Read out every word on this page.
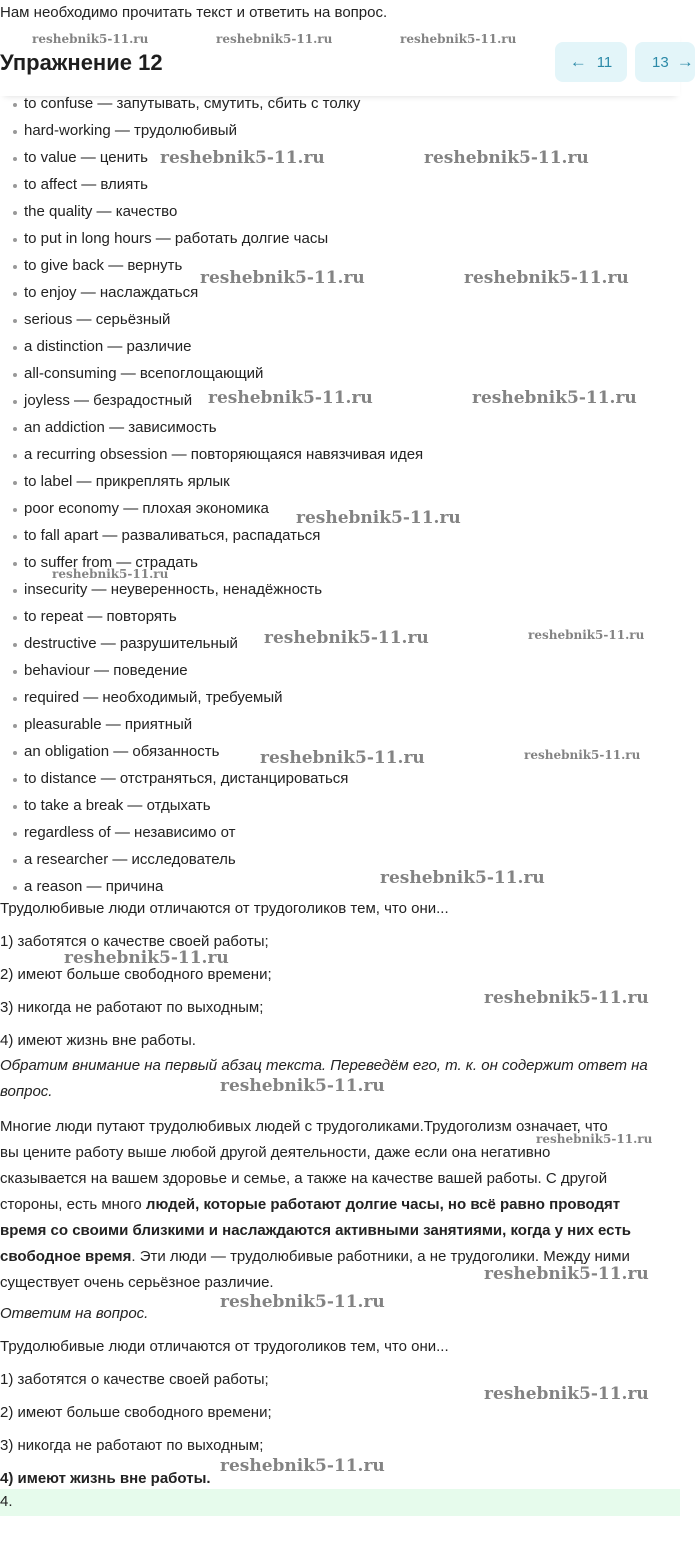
Нам необходимо прочитать текст и ответить на вопрос.
Упражнение 12	← 11	13 →
to confuse — запутывать, смутить, сбить с толку
hard-working — трудолюбивый
to value — ценить
to affect — влиять
the quality — качество
to put in long hours — работать долгие часы
to give back — вернуть
to enjoy — наслаждаться
serious — серьёзный
a distinction — различие
all-consuming — всепоглощающий
joyless — безрадостный
an addiction — зависимость
a recurring obsession — повторяющаяся навязчивая идея
to label — прикреплять ярлык
poor economy — плохая экономика
to fall apart — разваливаться, распадаться
to suffer from — страдать
insecurity — неуверенность, ненадёжность
to repeat — повторять
destructive — разрушительный
behaviour — поведение
required — необходимый, требуемый
pleasurable — приятный
an obligation — обязанность
to distance — отстраняться, дистанцироваться
to take a break — отдыхать
regardless of — независимо от
a researcher — исследователь
a reason — причина
Трудолюбивые люди отличаются от трудоголиков тем, что они...
1) заботятся о качестве своей работы;
2) имеют больше свободного времени;
3) никогда не работают по выходным;
4) имеют жизнь вне работы.
Обратим внимание на первый абзац текста. Переведём его, т. к. он содержит ответ на
вопрос.
Многие люди путают трудолюбивых людей с трудоголиками.Трудоголизм означает, что
вы цените работу выше любой другой деятельности, даже если она негативно
сказывается на вашем здоровье и семье, а также на качестве вашей работы. С другой
стороны, есть много людей, которые работают долгие часы, но всё равно проводят
время со своими близкими и наслаждаются активными занятиями, когда у них есть
свободное время. Эти люди — трудолюбивые работники, а не трудоголики. Между ними
существует очень серьёзное различие.
Ответим на вопрос.
Трудолюбивые люди отличаются от трудоголиков тем, что они...
1) заботятся о качестве своей работы;
2) имеют больше свободного времени;
3) никогда не работают по выходным;
4) имеют жизнь вне работы.
4.
reshebnik5-11.ru	reshebnik5-11.ru	reshebnik5-11.ru
reshebnik5-11.ru	reshebnik5-11.ru
reshebnik5-11.ru	reshebnik5-11.ru
reshebnik5-11.ru	reshebnik5-11.ru
reshebnik5-11.ru
reshebnik5-11.ru
reshebnik5-11.ru	reshebnik5-11.ru
reshebnik5-11.ru	reshebnik5-11.ru
reshebnik5-11.ru
reshebnik5-11.ru
reshebnik5-11.ru
reshebnik5-11.ru
reshebnik5-11.ru
reshebnik5-11.ru
reshebnik5-11.ru
reshebnik5-11.ru
reshebnik5-11.ru
